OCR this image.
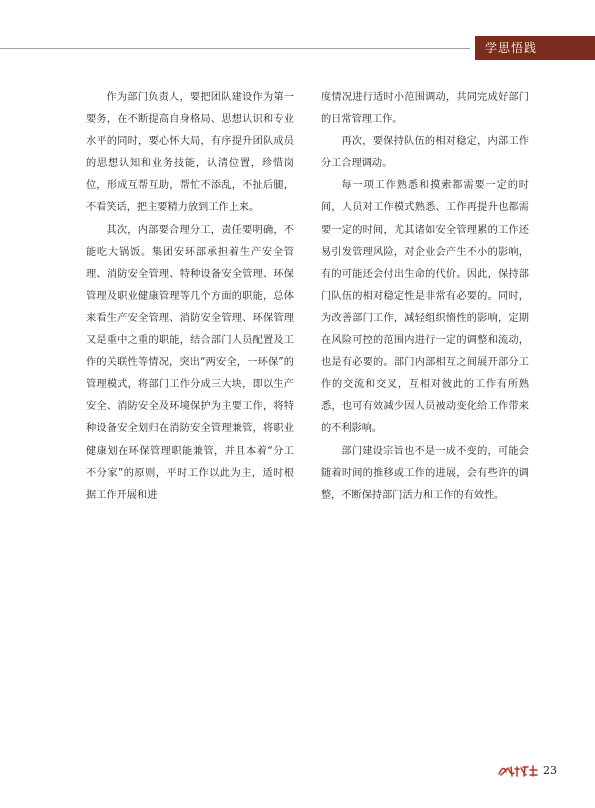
学思悟践

作为部门负责人，要把团队建设作为第一要务，在不断提高自身格局、思想认识和专业水平的同时，要心怀大局，有序提升团队成员的思想认知和业务技能，认清位置，珍惜岗位，形成互帮互助，帮忙不添乱，不扯后腿，不看笑话，把主要精力放到工作上来。

其次，内部要合理分工，责任要明确，不能吃大锅饭。集团安环部承担着生产安全管理、消防安全管理、特种设备安全管理、环保管理及职业健康管理等几个方面的职能，总体来看生产安全管理、消防安全管理、环保管理又是重中之重的职能，结合部门人员配置及工作的关联性等情况，突出“两安全，一环保”的管理模式，将部门工作分成三大块，即以生产安全、消防安全及环境保护为主要工作，将特种设备安全划归在消防安全管理兼管，将职业健康划在环保管理职能兼管，并且本着“分工不分家”的原则，平时工作以此为主，适时根据工作开展和进

度情况进行适时小范围调动，共同完成好部门的日常管理工作。

再次，要保持队伍的相对稳定，内部工作分工合理调动。

每一项工作熟悉和摸索都需要一定的时间，人员对工作模式熟悉、工作再提升也都需要一定的时间，尤其诸如安全管理累的工作还易引发管理风险，对企业会产生不小的影响，有的可能还会付出生命的代价。因此，保持部门队伍的相对稳定性是非常有必要的。同时，为改善部门工作，减轻组织惰性的影响，定期在风险可控的范围内进行一定的调整和流动，也是有必要的。部门内部相互之间展开部分工作的交流和交叉，互相对彼此的工作有所熟悉，也可有效减少因人员被动变化给工作带来的不利影响。

部门建设宗旨也不是一成不变的，可能会随着时间的推移或工作的进展，会有些许的调整，不断保持部门活力和工作的有效性。

23
